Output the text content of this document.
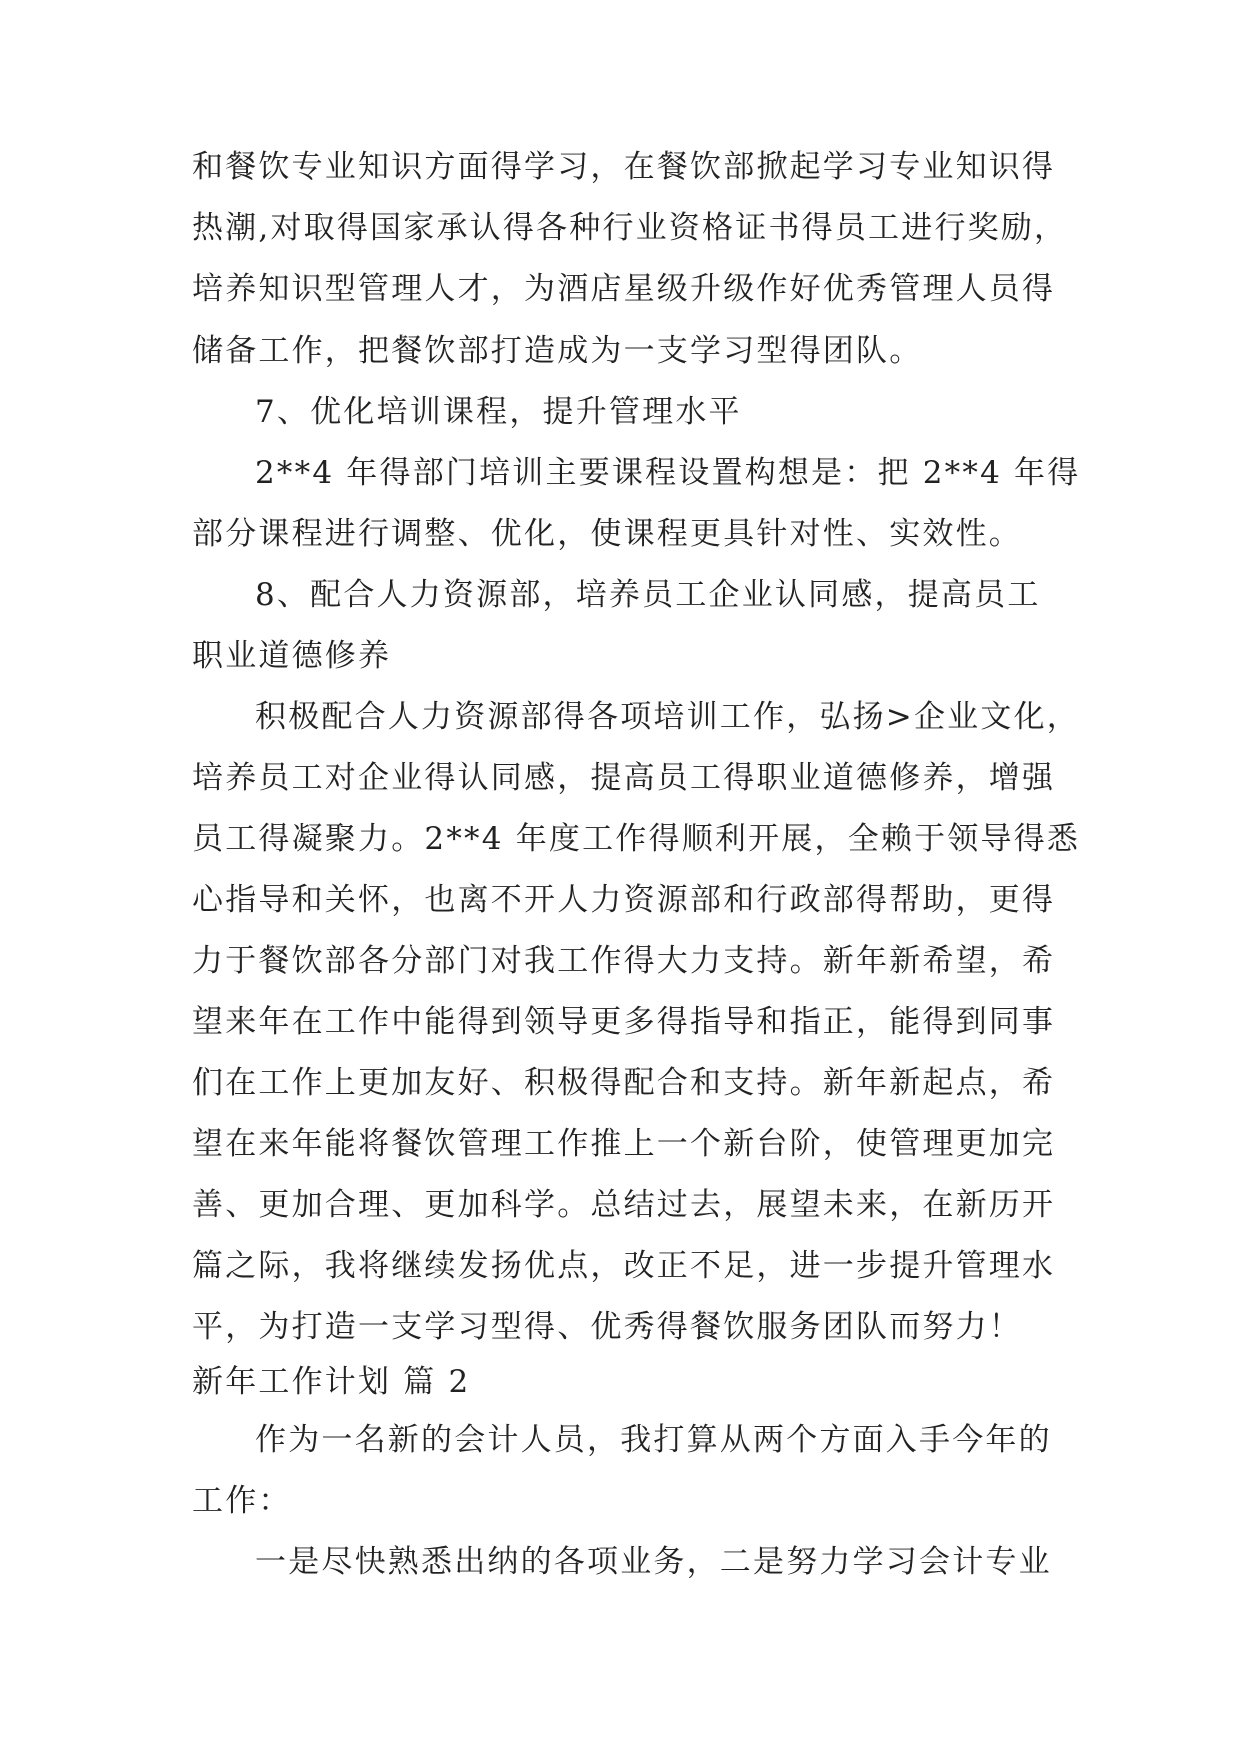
和餐饮专业知识方面得学习，在餐饮部掀起学习专业知识得
热潮,对取得国家承认得各种行业资格证书得员工进行奖励，
培养知识型管理人才，为酒店星级升级作好优秀管理人员得
储备工作，把餐饮部打造成为一支学习型得团队。
7、优化培训课程，提升管理水平
2**4 年得部门培训主要课程设置构想是：把 2**4 年得
部分课程进行调整、优化，使课程更具针对性、实效性。
8、配合人力资源部，培养员工企业认同感，提高员工
职业道德修养
积极配合人力资源部得各项培训工作，弘扬>企业文化，
培养员工对企业得认同感，提高员工得职业道德修养，增强
员工得凝聚力。2**4 年度工作得顺利开展，全赖于领导得悉
心指导和关怀，也离不开人力资源部和行政部得帮助，更得
力于餐饮部各分部门对我工作得大力支持。新年新希望，希
望来年在工作中能得到领导更多得指导和指正，能得到同事
们在工作上更加友好、积极得配合和支持。新年新起点，希
望在来年能将餐饮管理工作推上一个新台阶，使管理更加完
善、更加合理、更加科学。总结过去，展望未来，在新历开
篇之际，我将继续发扬优点，改正不足，进一步提升管理水
平，为打造一支学习型得、优秀得餐饮服务团队而努力！
新年工作计划 篇 2
作为一名新的会计人员，我打算从两个方面入手今年的
工作：
一是尽快熟悉出纳的各项业务，二是努力学习会计专业
